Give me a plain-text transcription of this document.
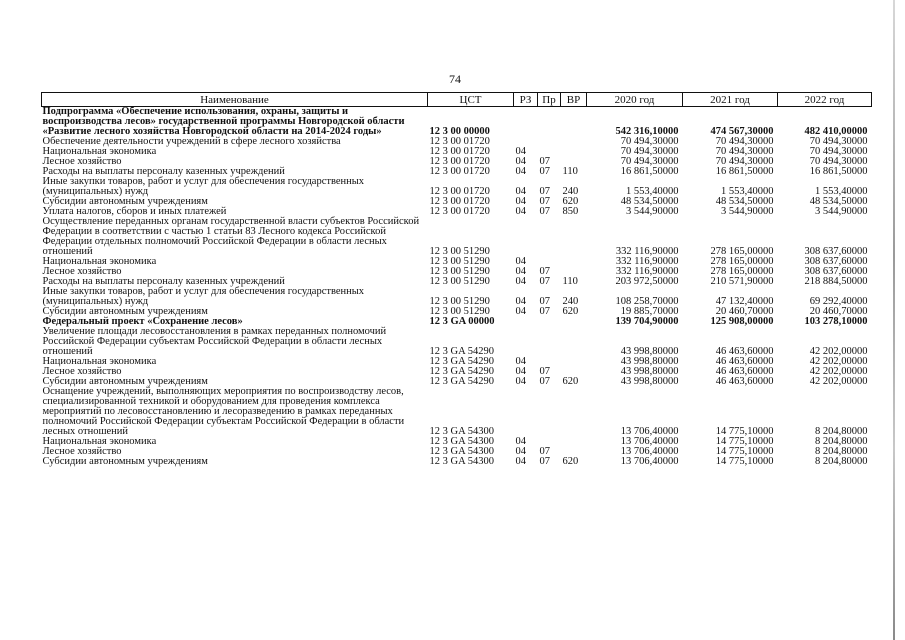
74
Наименование	ЦСТ	РЗ	Пр	ВР	2020 год	2021 год	2022 год
Подпрограмма «Обеспечение использования, охраны, защиты и воспроизводства лесов» государственной программы Новгородской области «Развитие лесного хозяйства Новгородской области на 2014-2024 годы»	12 3 00 00000				542 316,10000	474 567,30000	482 410,00000
Обеспечение деятельности учреждений в сфере лесного хозяйства	12 3 00 01720				70 494,30000	70 494,30000	70 494,30000
Национальная экономика	12 3 00 01720	04			70 494,30000	70 494,30000	70 494,30000
Лесное хозяйство	12 3 00 01720	04	07		70 494,30000	70 494,30000	70 494,30000
Расходы на выплаты персоналу казенных учреждений	12 3 00 01720	04	07	110	16 861,50000	16 861,50000	16 861,50000
Иные закупки товаров, работ и услуг для обеспечения государственных (муниципальных) нужд	12 3 00 01720	04	07	240	1 553,40000	1 553,40000	1 553,40000
Субсидии автономным учреждениям	12 3 00 01720	04	07	620	48 534,50000	48 534,50000	48 534,50000
Уплата налогов, сборов и иных платежей	12 3 00 01720	04	07	850	3 544,90000	3 544,90000	3 544,90000
Осуществление переданных органам государственной власти субъектов Российской Федерации в соответствии с частью 1 статьи 83 Лесного кодекса Российской Федерации отдельных полномочий Российской Федерации в области лесных отношений	12 3 00 51290				332 116,90000	278 165,00000	308 637,60000
Национальная экономика	12 3 00 51290	04			332 116,90000	278 165,00000	308 637,60000
Лесное хозяйство	12 3 00 51290	04	07		332 116,90000	278 165,00000	308 637,60000
Расходы на выплаты персоналу казенных учреждений	12 3 00 51290	04	07	110	203 972,50000	210 571,90000	218 884,50000
Иные закупки товаров, работ и услуг для обеспечения государственных (муниципальных) нужд	12 3 00 51290	04	07	240	108 258,70000	47 132,40000	69 292,40000
Субсидии автономным учреждениям	12 3 00 51290	04	07	620	19 885,70000	20 460,70000	20 460,70000
Федеральный проект «Сохранение лесов»	12 3 GA 00000				139 704,90000	125 908,00000	103 278,10000
Увеличение площади лесовосстановления в рамках переданных полномочий Российской Федерации субъектам Российской Федерации в области лесных отношений	12 3 GA 54290				43 998,80000	46 463,60000	42 202,00000
Национальная экономика	12 3 GA 54290	04			43 998,80000	46 463,60000	42 202,00000
Лесное хозяйство	12 3 GA 54290	04	07		43 998,80000	46 463,60000	42 202,00000
Субсидии автономным учреждениям	12 3 GA 54290	04	07	620	43 998,80000	46 463,60000	42 202,00000
Оснащение учреждений, выполняющих мероприятия по воспроизводству лесов, специализированной техникой и оборудованием для проведения комплекса мероприятий по лесовосстановлению и лесоразведению в рамках переданных полномочий Российской Федерации субъектам Российской Федерации в области лесных отношений	12 3 GA 54300				13 706,40000	14 775,10000	8 204,80000
Национальная экономика	12 3 GA 54300	04			13 706,40000	14 775,10000	8 204,80000
Лесное хозяйство	12 3 GA 54300	04	07		13 706,40000	14 775,10000	8 204,80000
Субсидии автономным учреждениям	12 3 GA 54300	04	07	620	13 706,40000	14 775,10000	8 204,80000
